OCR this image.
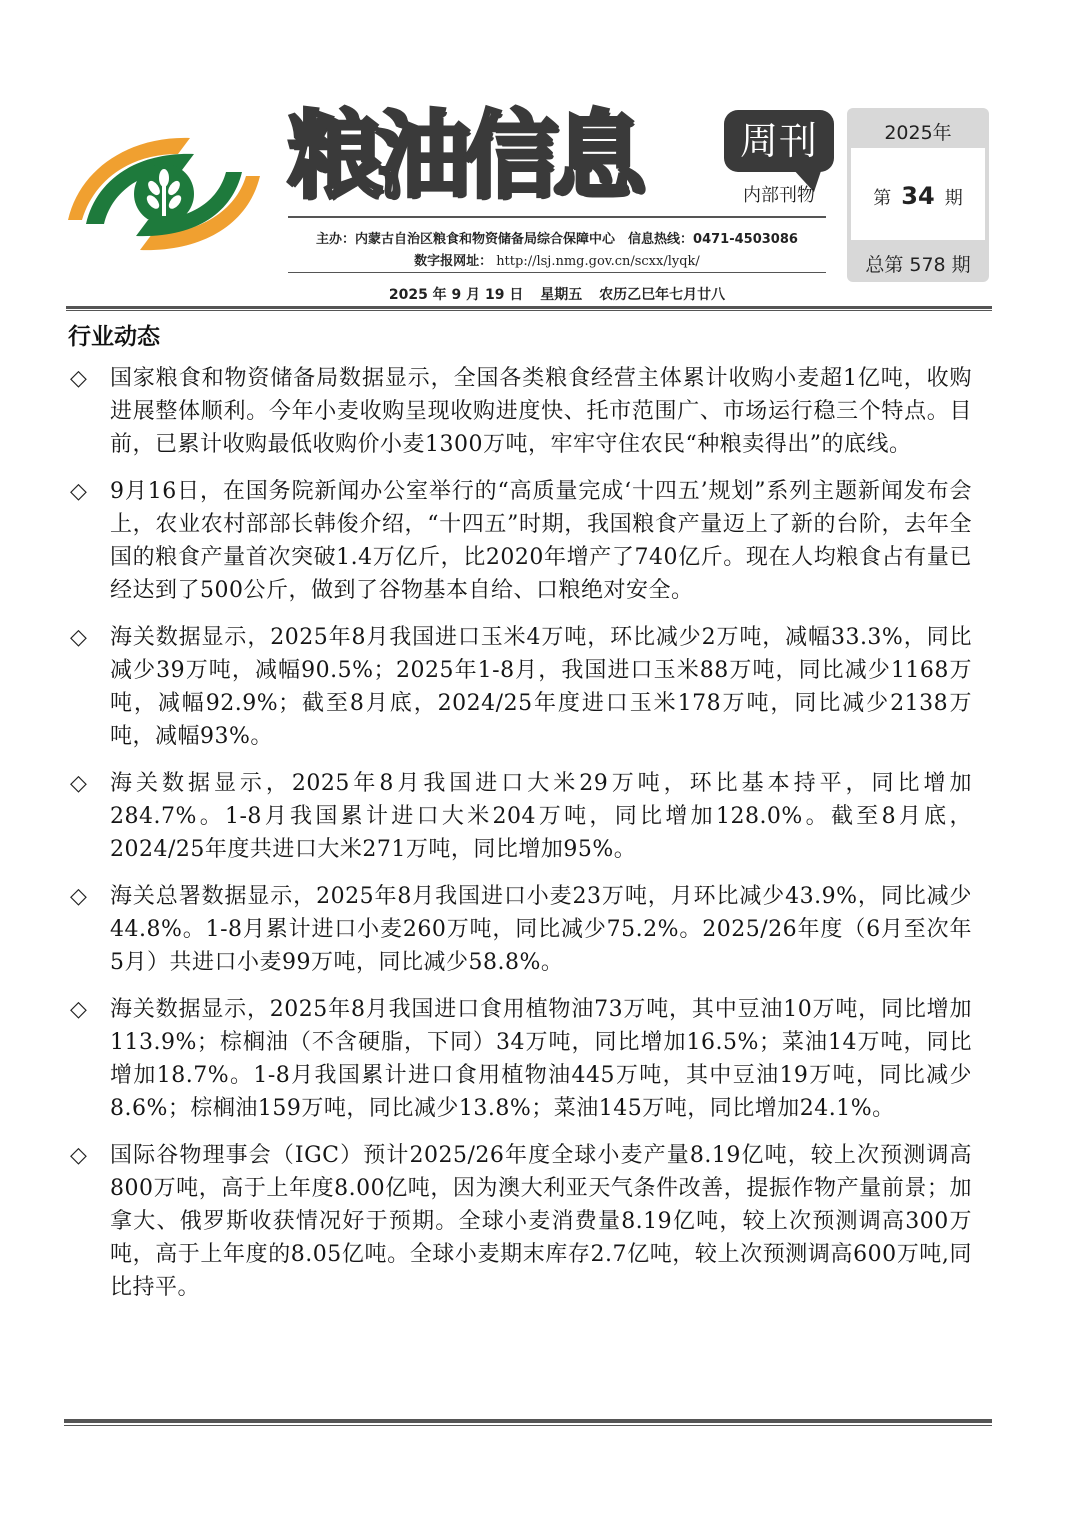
粮油信息	周刊
内部刊物
2025年
第 34 期
总第 578 期
主办：内蒙古自治区粮食和物资储备局综合保障中心　信息热线：0471-4503086
数字报网址： http://lsj.nmg.gov.cn/scxx/lyqk/
2025 年 9 月 19 日 星期五 农历乙巳年七月廿八
行业动态
◇ 国家粮食和物资储备局数据显示，全国各类粮食经营主体累计收购小麦超1亿吨，收购进展整体顺利。今年小麦收购呈现收购进度快、托市范围广、市场运行稳三个特点。目前，已累计收购最低收购价小麦1300万吨，牢牢守住农民“种粮卖得出”的底线。
◇ 9月16日，在国务院新闻办公室举行的“高质量完成‘十四五’规划”系列主题新闻发布会上，农业农村部部长韩俊介绍，“十四五”时期，我国粮食产量迈上了新的台阶，去年全国的粮食产量首次突破1.4万亿斤，比2020年增产了740亿斤。现在人均粮食占有量已经达到了500公斤，做到了谷物基本自给、口粮绝对安全。
◇ 海关数据显示，2025年8月我国进口玉米4万吨，环比减少2万吨，减幅33.3%，同比减少39万吨，减幅90.5%；2025年1-8月，我国进口玉米88万吨，同比减少1168万吨，减幅92.9%；截至8月底，2024/25年度进口玉米178万吨，同比减少2138万吨，减幅93%。
◇ 海关数据显示，2025年8月我国进口大米29万吨，环比基本持平，同比增加284.7%。1-8月我国累计进口大米204万吨，同比增加128.0%。截至8月底，2024/25年度共进口大米271万吨，同比增加95%。
◇ 海关总署数据显示，2025年8月我国进口小麦23万吨，月环比减少43.9%，同比减少44.8%。1-8月累计进口小麦260万吨，同比减少75.2%。2025/26年度（6月至次年5月）共进口小麦99万吨，同比减少58.8%。
◇ 海关数据显示，2025年8月我国进口食用植物油73万吨，其中豆油10万吨，同比增加113.9%；棕榈油（不含硬脂，下同）34万吨，同比增加16.5%；菜油14万吨，同比增加18.7%。1-8月我国累计进口食用植物油445万吨，其中豆油19万吨，同比减少8.6%；棕榈油159万吨，同比减少13.8%；菜油145万吨，同比增加24.1%。
◇ 国际谷物理事会（IGC）预计2025/26年度全球小麦产量8.19亿吨，较上次预测调高800万吨，高于上年度8.00亿吨，因为澳大利亚天气条件改善，提振作物产量前景；加拿大、俄罗斯收获情况好于预期。全球小麦消费量8.19亿吨，较上次预测调高300万吨，高于上年度的8.05亿吨。全球小麦期末库存2.7亿吨，较上次预测调高600万吨,同比持平。
